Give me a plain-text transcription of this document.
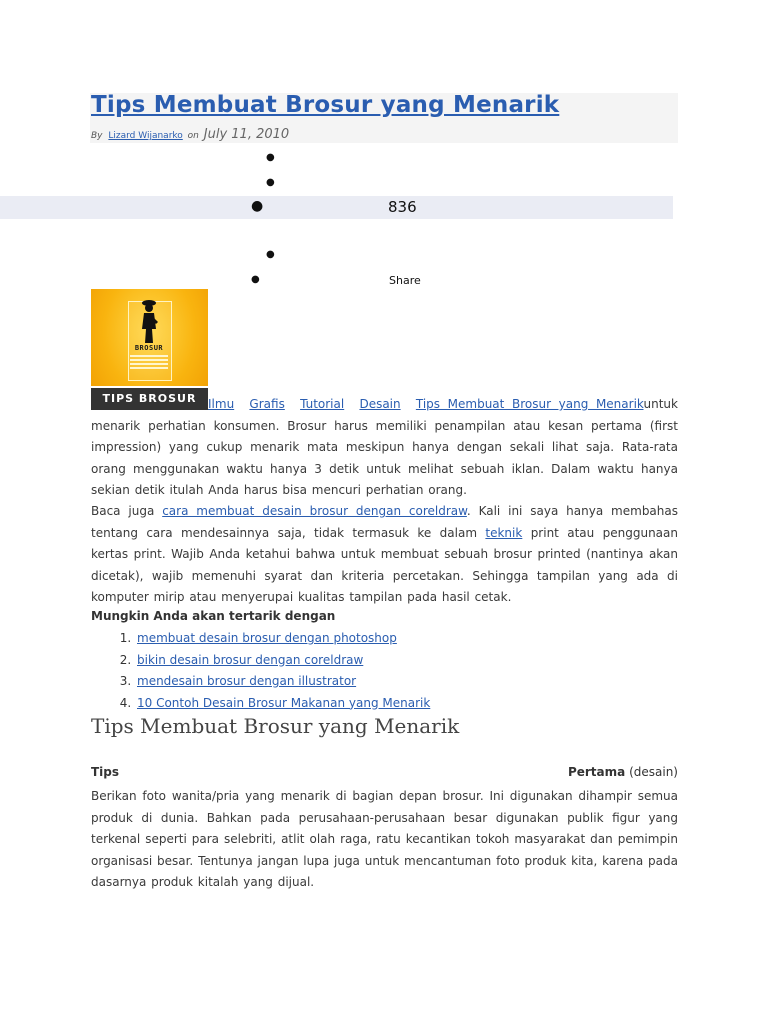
Tips Membuat Brosur yang Menarik
By Lizard Wijanarko on July 11, 2010
●
●
●	836
●
●	Share
BROSUR
TIPS BROSUR Ilmu Grafis Tutorial Desain Tips Membuat Brosur yang Menarikuntuk menarik perhatian konsumen. Brosur harus memiliki penampilan atau kesan pertama (first impression) yang cukup menarik mata meskipun hanya dengan sekali lihat saja. Rata-rata orang menggunakan waktu hanya 3 detik untuk melihat sebuah iklan. Dalam waktu hanya sekian detik itulah Anda harus bisa mencuri perhatian orang.

Baca juga cara membuat desain brosur dengan coreldraw. Kali ini saya hanya membahas tentang cara mendesainnya saja, tidak termasuk ke dalam teknik print atau penggunaan kertas print. Wajib Anda ketahui bahwa untuk membuat sebuah brosur printed (nantinya akan dicetak), wajib memenuhi syarat dan kriteria percetakan. Sehingga tampilan yang ada di komputer mirip atau menyerupai kualitas tampilan pada hasil cetak.

Mungkin Anda akan tertarik dengan
1. membuat desain brosur dengan photoshop
2. bikin desain brosur dengan coreldraw
3. mendesain brosur dengan illustrator
4. 10 Contoh Desain Brosur Makanan yang Menarik
Tips Membuat Brosur yang Menarik
Tips	Pertama (desain)

Berikan foto wanita/pria yang menarik di bagian depan brosur. Ini digunakan dihampir semua produk di dunia. Bahkan pada perusahaan-perusahaan besar digunakan publik figur yang terkenal seperti para selebriti, atlit olah raga, ratu kecantikan tokoh masyarakat dan pemimpin organisasi besar. Tentunya jangan lupa juga untuk mencantuman foto produk kita, karena pada dasarnya produk kitalah yang dijual.
